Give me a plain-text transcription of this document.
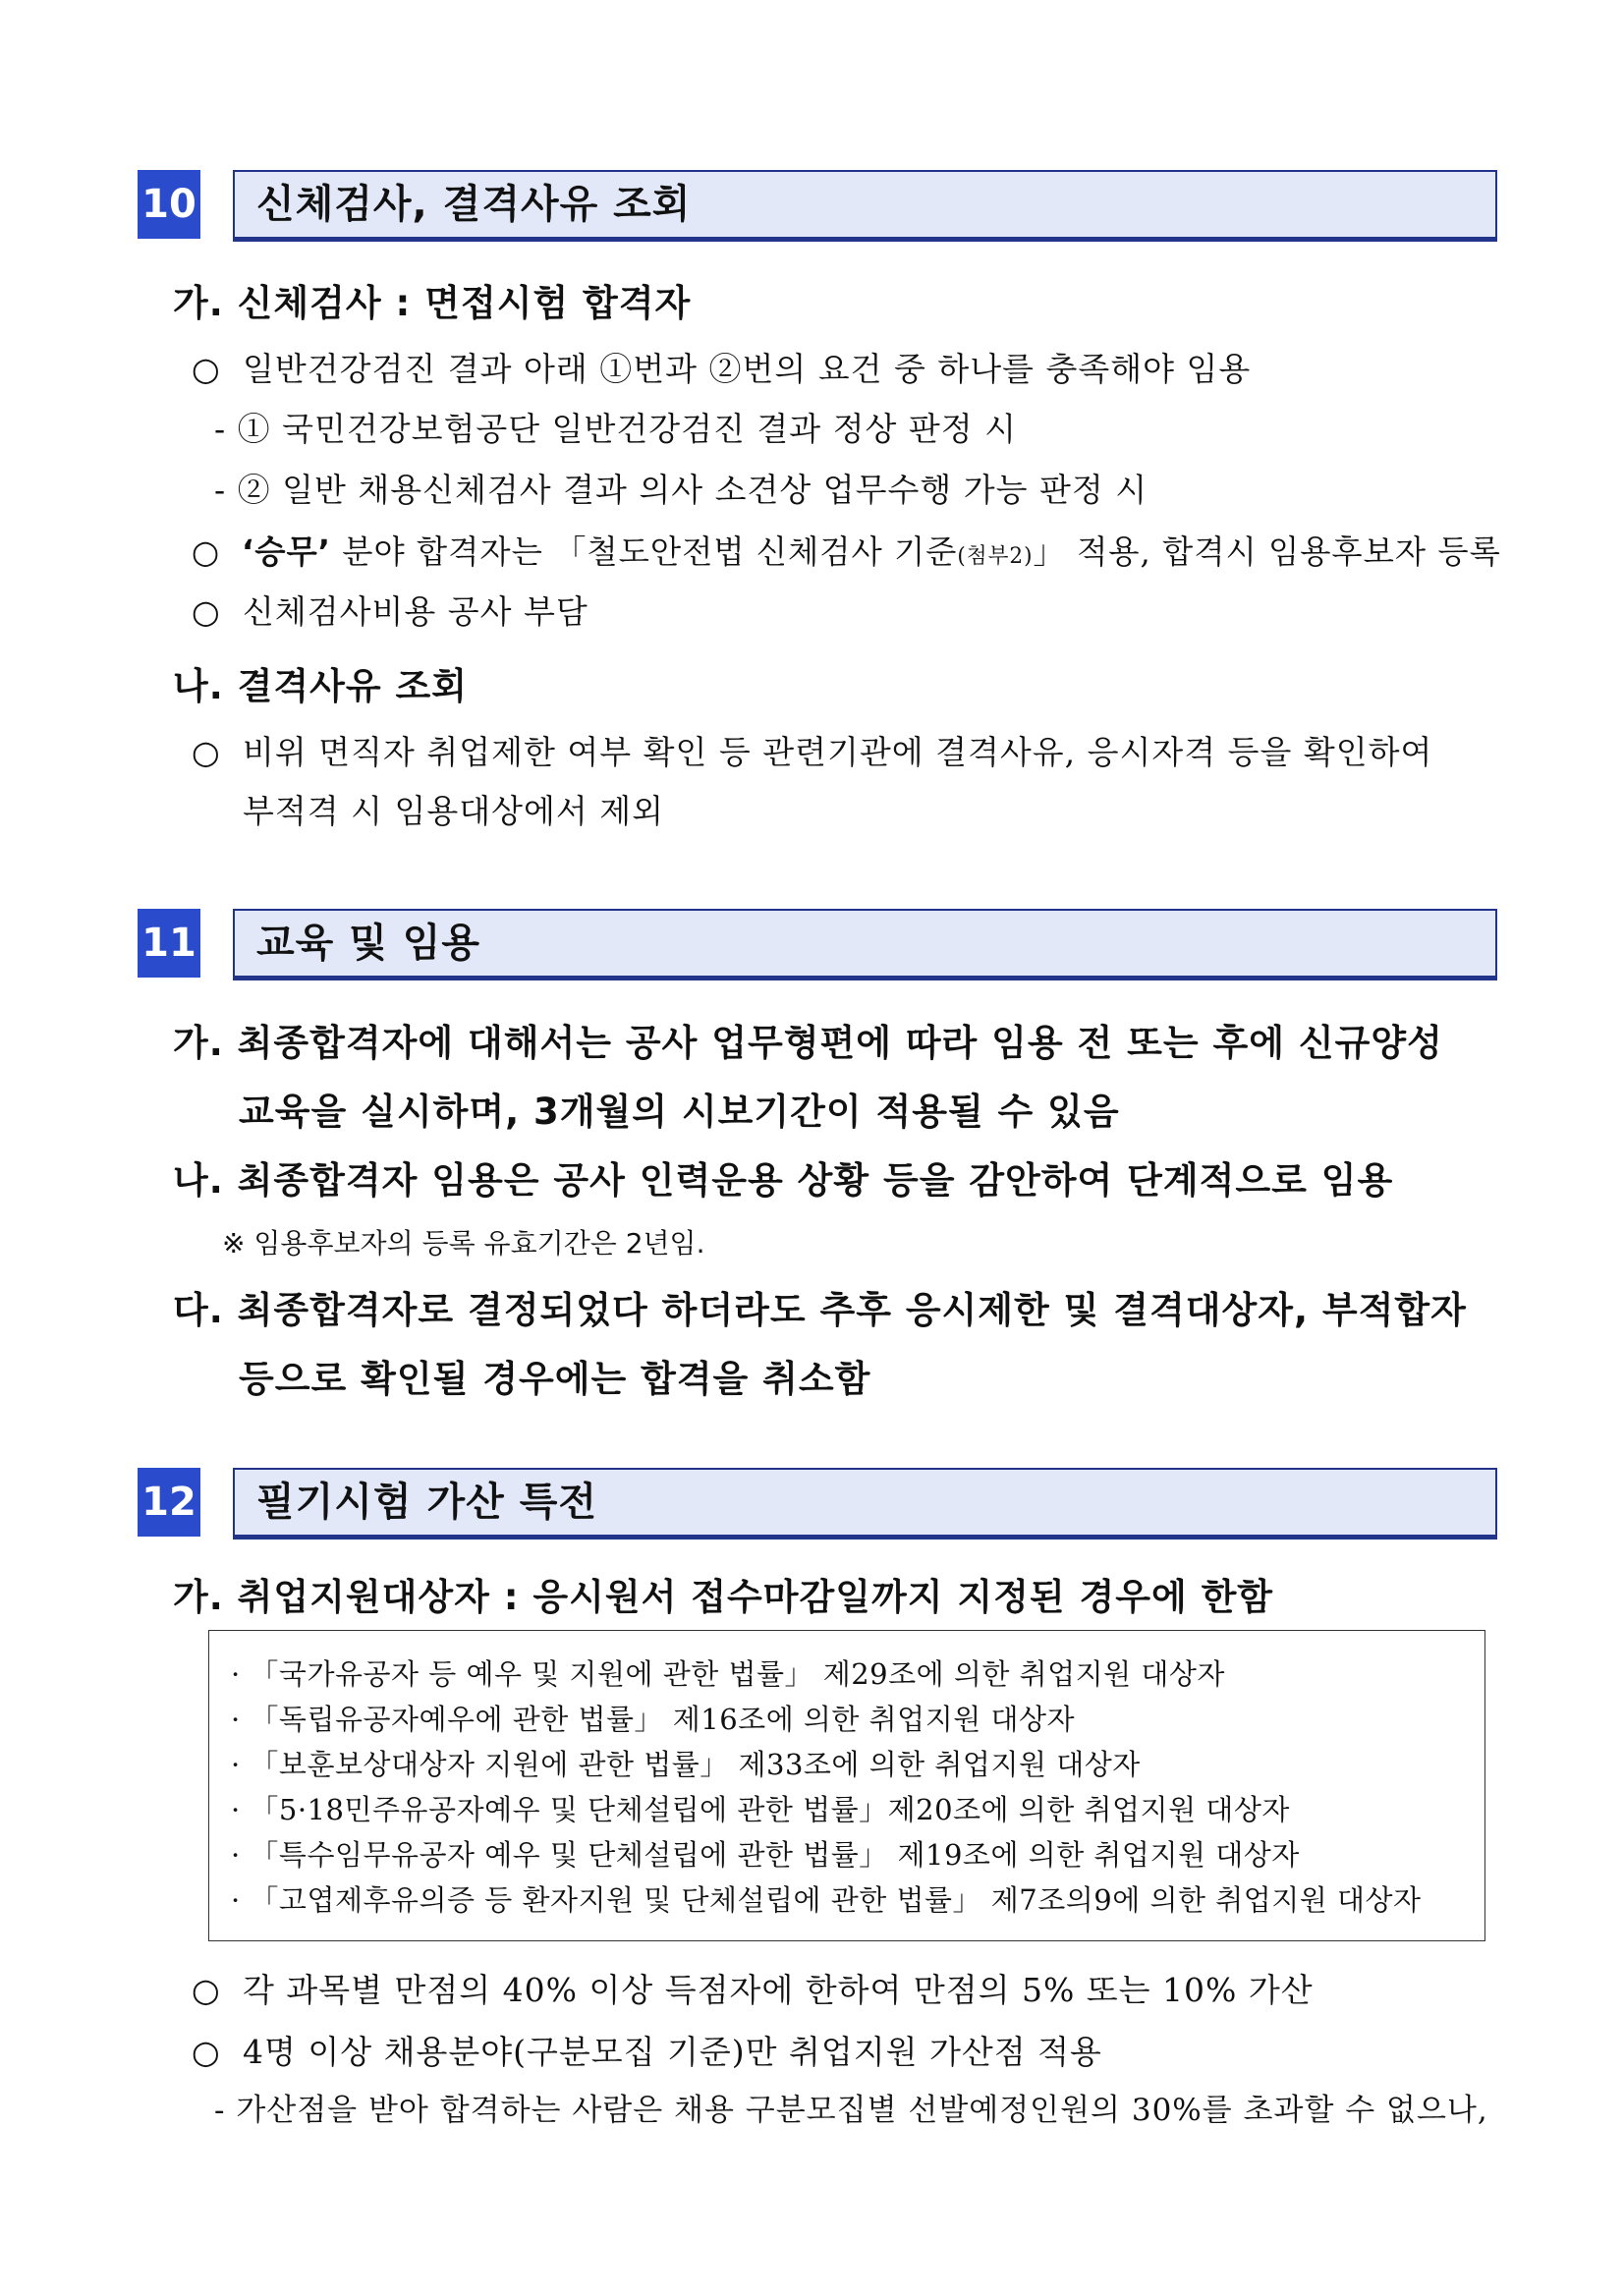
10 신체검사, 결격사유 조회
가. 신체검사 : 면접시험 합격자
○ 일반건강검진 결과 아래 ①번과 ②번의 요건 중 하나를 충족해야 임용
- ① 국민건강보험공단 일반건강검진 결과 정상 판정 시
- ② 일반 채용신체검사 결과 의사 소견상 업무수행 가능 판정 시
○ ‘승무’ 분야 합격자는 「철도안전법 신체검사 기준(첨부2)」 적용, 합격시 임용후보자 등록
○ 신체검사비용 공사 부담
나. 결격사유 조회
○ 비위 면직자 취업제한 여부 확인 등 관련기관에 결격사유, 응시자격 등을 확인하여
부적격 시 임용대상에서 제외
11 교육 및 임용
가. 최종합격자에 대해서는 공사 업무형편에 따라 임용 전 또는 후에 신규양성
교육을 실시하며, 3개월의 시보기간이 적용될 수 있음
나. 최종합격자 임용은 공사 인력운용 상황 등을 감안하여 단계적으로 임용
※ 임용후보자의 등록 유효기간은 2년임.
다. 최종합격자로 결정되었다 하더라도 추후 응시제한 및 결격대상자, 부적합자
등으로 확인될 경우에는 합격을 취소함
12 필기시험 가산 특전
가. 취업지원대상자 : 응시원서 접수마감일까지 지정된 경우에 한함
· 「국가유공자 등 예우 및 지원에 관한 법률」 제29조에 의한 취업지원 대상자
· 「독립유공자예우에 관한 법률」 제16조에 의한 취업지원 대상자
· 「보훈보상대상자 지원에 관한 법률」 제33조에 의한 취업지원 대상자
· 「5·18민주유공자예우 및 단체설립에 관한 법률」제20조에 의한 취업지원 대상자
· 「특수임무유공자 예우 및 단체설립에 관한 법률」 제19조에 의한 취업지원 대상자
· 「고엽제후유의증 등 환자지원 및 단체설립에 관한 법률」 제7조의9에 의한 취업지원 대상자
○ 각 과목별 만점의 40% 이상 득점자에 한하여 만점의 5% 또는 10% 가산
○ 4명 이상 채용분야(구분모집 기준)만 취업지원 가산점 적용
- 가산점을 받아 합격하는 사람은 채용 구분모집별 선발예정인원의 30%를 초과할 수 없으나,
